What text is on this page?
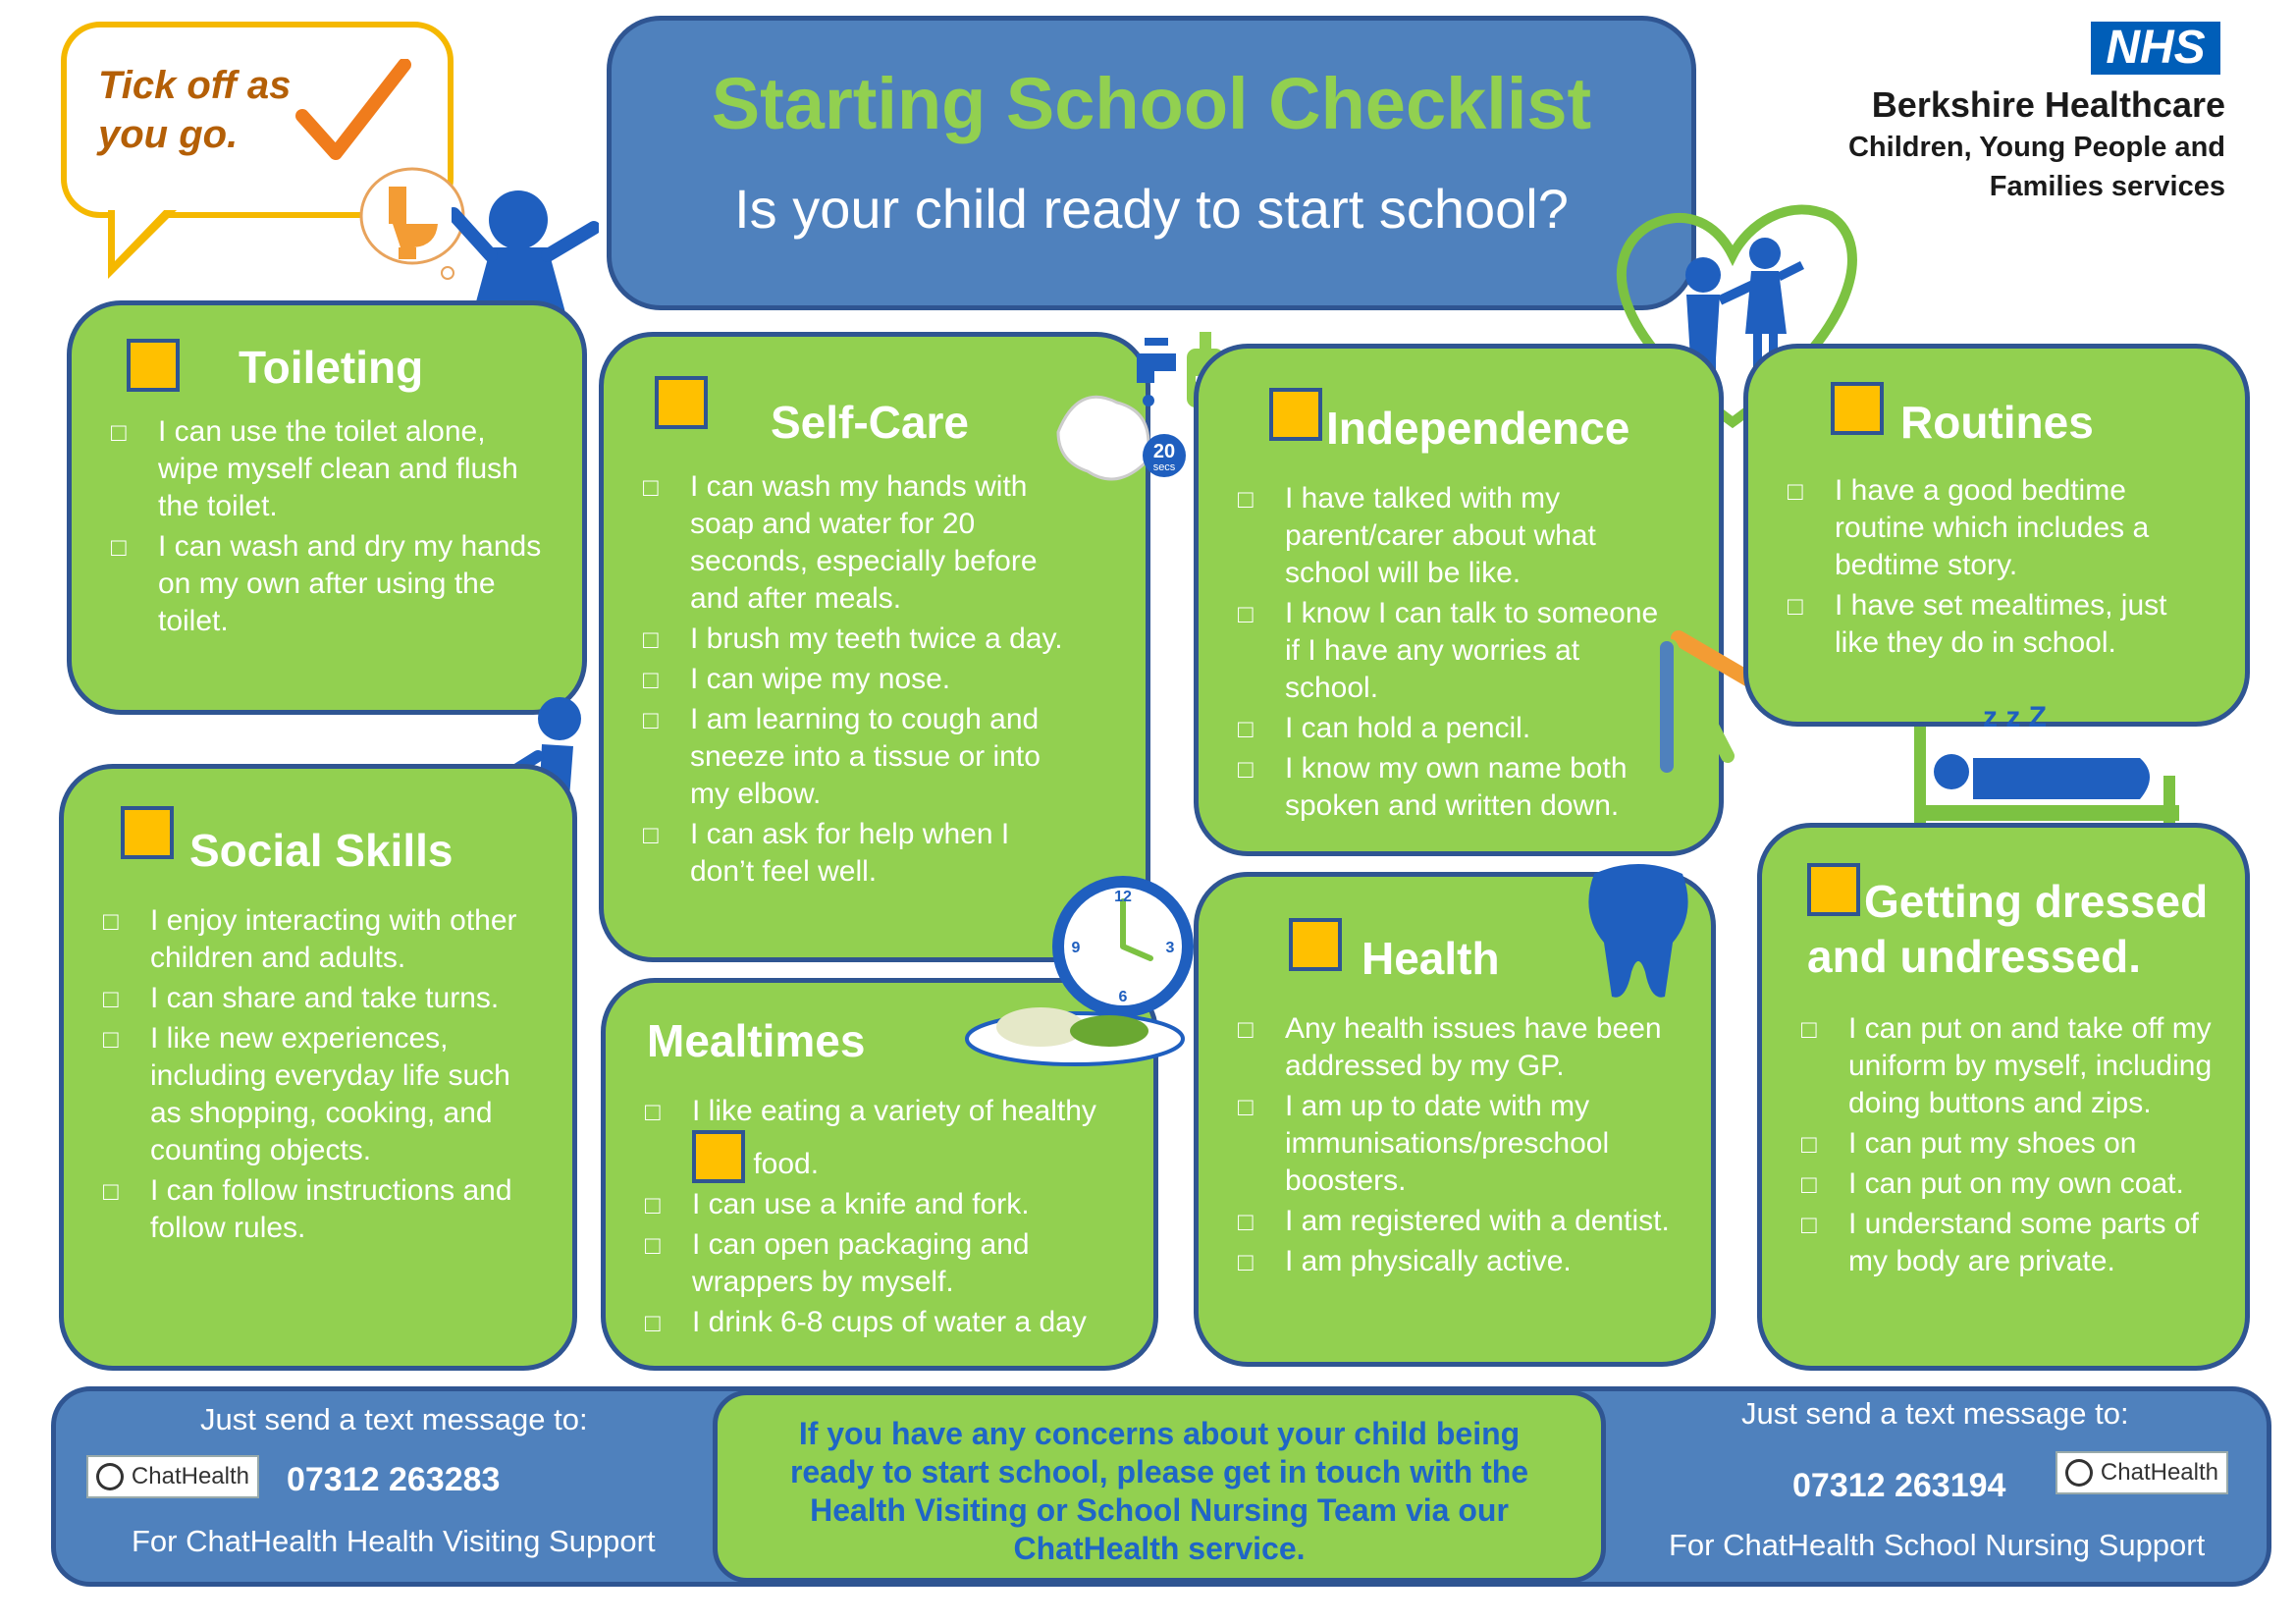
Tick off as you go.	Starting School Checklist
Is your child ready to start school?
NHS
Berkshire Healthcare
Children, Young People and
Families services
Toileting
□ I can use the toilet alone, wipe myself clean and flush the toilet.
□ I can wash and dry my hands on my own after using the toilet.
Self-Care
□ I can wash my hands with soap and water for 20 seconds, especially before and after meals.
□ I brush my teeth twice a day.
□ I can wipe my nose.
□ I am learning to cough and sneeze into a tissue or into my elbow.
□ I can ask for help when I don’t feel well.
20
secs
Independence
□ I have talked with my parent/carer about what school will be like.
□ I know I can talk to someone if I have any worries at school.
□ I can hold a pencil.
□ I know my own name both spoken and written down.
Routines
□ I have a good bedtime routine which includes a bedtime story.
□ I have set mealtimes, just like they do in school.
z z Z
Social Skills
□ I enjoy interacting with other children and adults.
□ I can share and take turns.
□ I like new experiences, including everyday life such as shopping, cooking, and counting objects.
□ I can follow instructions and follow rules.
Mealtimes
□ I like eating a variety of healthy
food.
□ I can use a knife and fork.
□ I can open packaging and wrappers by myself.
□ I drink 6-8 cups of water a day
12
3
6
9	Health
□ Any health issues have been addressed by my GP.
□ I am up to date with my immunisations/preschool boosters.
□ I am registered with a dentist.
□ I am physically active.
Getting dressed
and undressed.
□ I can put on and take off my uniform by myself, including doing buttons and zips.
□ I can put my shoes on
□ I can put on my own coat.
□ I understand some parts of my body are private.
Just send a text message to:
ChatHealth 07312 263283
For ChatHealth Health Visiting Support
If you have any concerns about your child being
ready to start school, please get in touch with the
Health Visiting or School Nursing Team via our
ChatHealth service.
Just send a text message to:
07312 263194	ChatHealth
For ChatHealth School Nursing Support
